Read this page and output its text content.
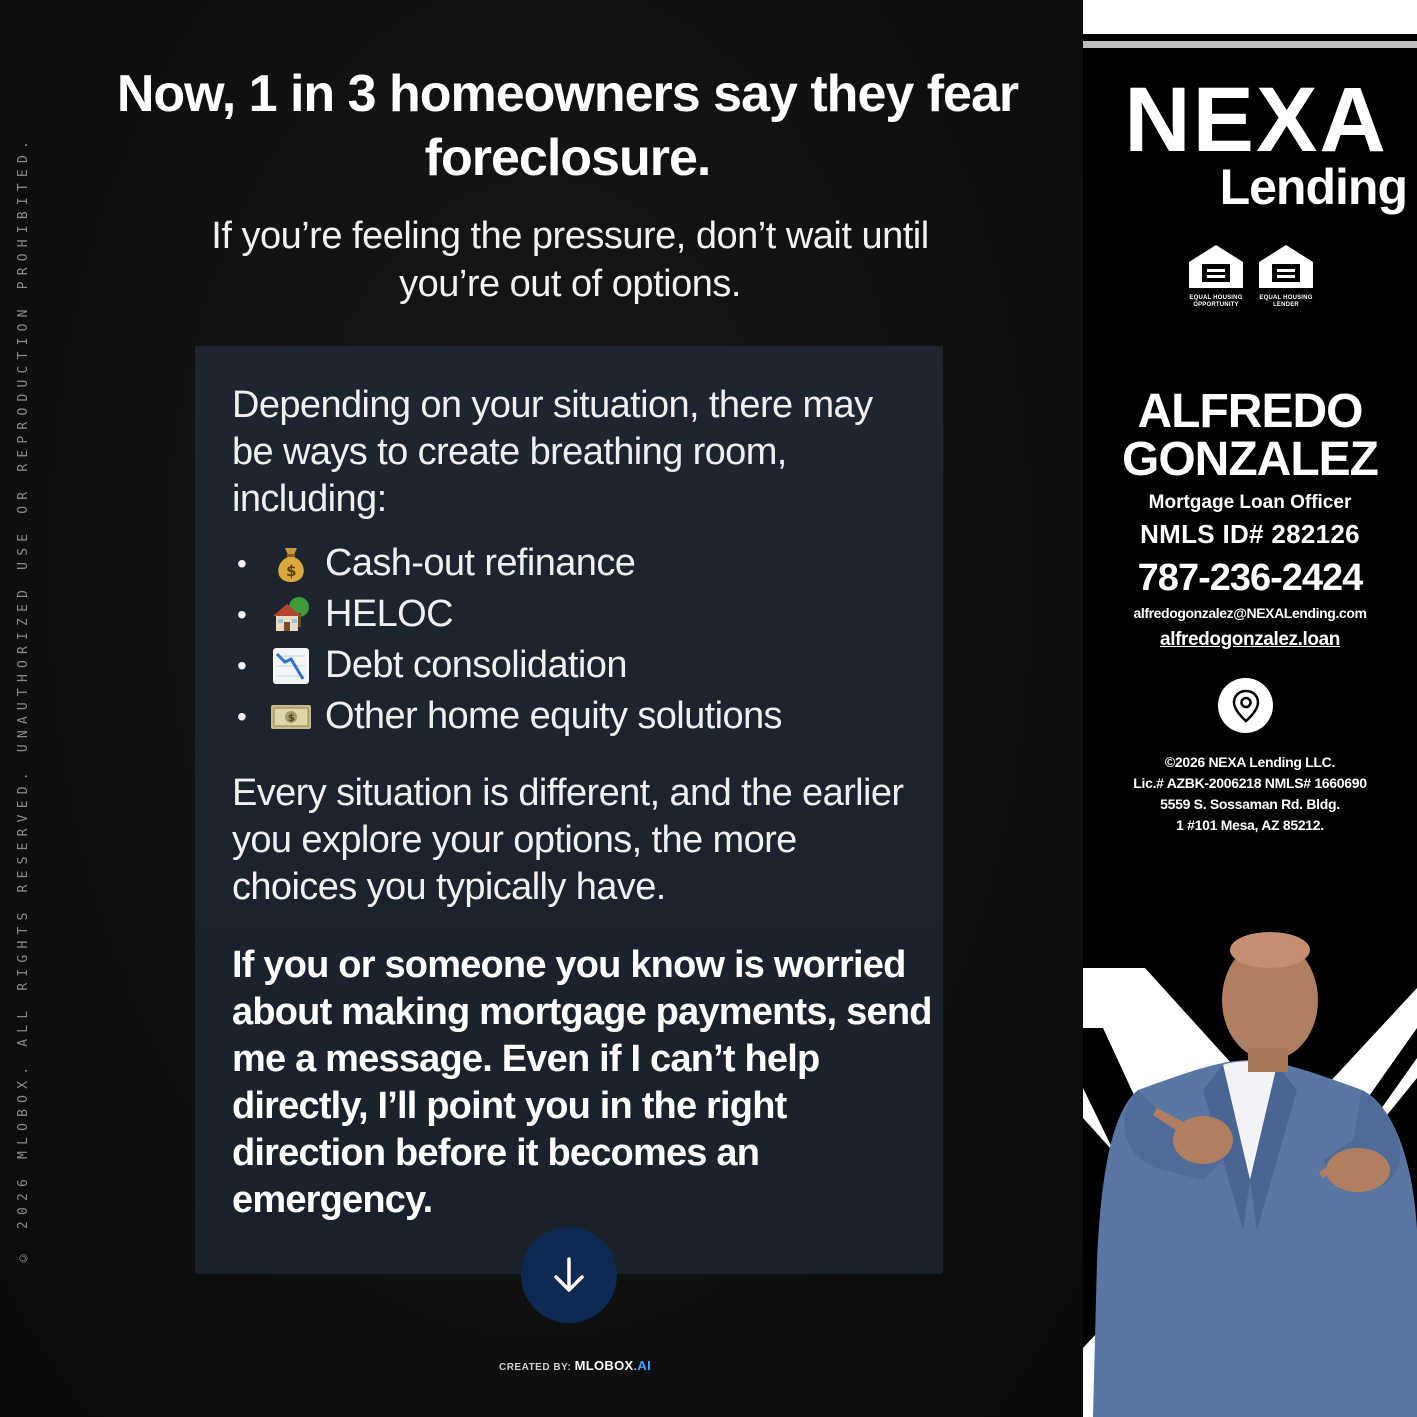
© 2026 MLOBOX. ALL RIGHTS RESERVED. UNAUTHORIZED USE OR REPRODUCTION PROHIBITED.
Now, 1 in 3 homeowners say they fear foreclosure.

If you’re feeling the pressure, don’t wait until you’re out of options.

Depending on your situation, there may be ways to create breathing room, including:

•	$ Cash-out refinance
•	HELOC
•	Debt consolidation
•	$ Other home equity solutions

Every situation is different, and the earlier you explore your options, the more choices you typically have.

If you or someone you know is worried about making mortgage payments, send me a message. Even if I can’t help directly, I’ll point you in the right direction before it becomes an emergency.

CREATED BY: MLOBOX.AI
NEXA
Lending
EQUAL HOUSING
OPPORTUNITY
EQUAL HOUSING
LENDER
ALFREDO
GONZALEZ
Mortgage Loan Officer
NMLS ID# 282126
787-236-2424
alfredogonzalez@NEXALending.com
alfredogonzalez.loan
©2026 NEXA Lending LLC.
Lic.# AZBK-2006218 NMLS# 1660690
5559 S. Sossaman Rd. Bldg.
1 #101 Mesa, AZ 85212.
